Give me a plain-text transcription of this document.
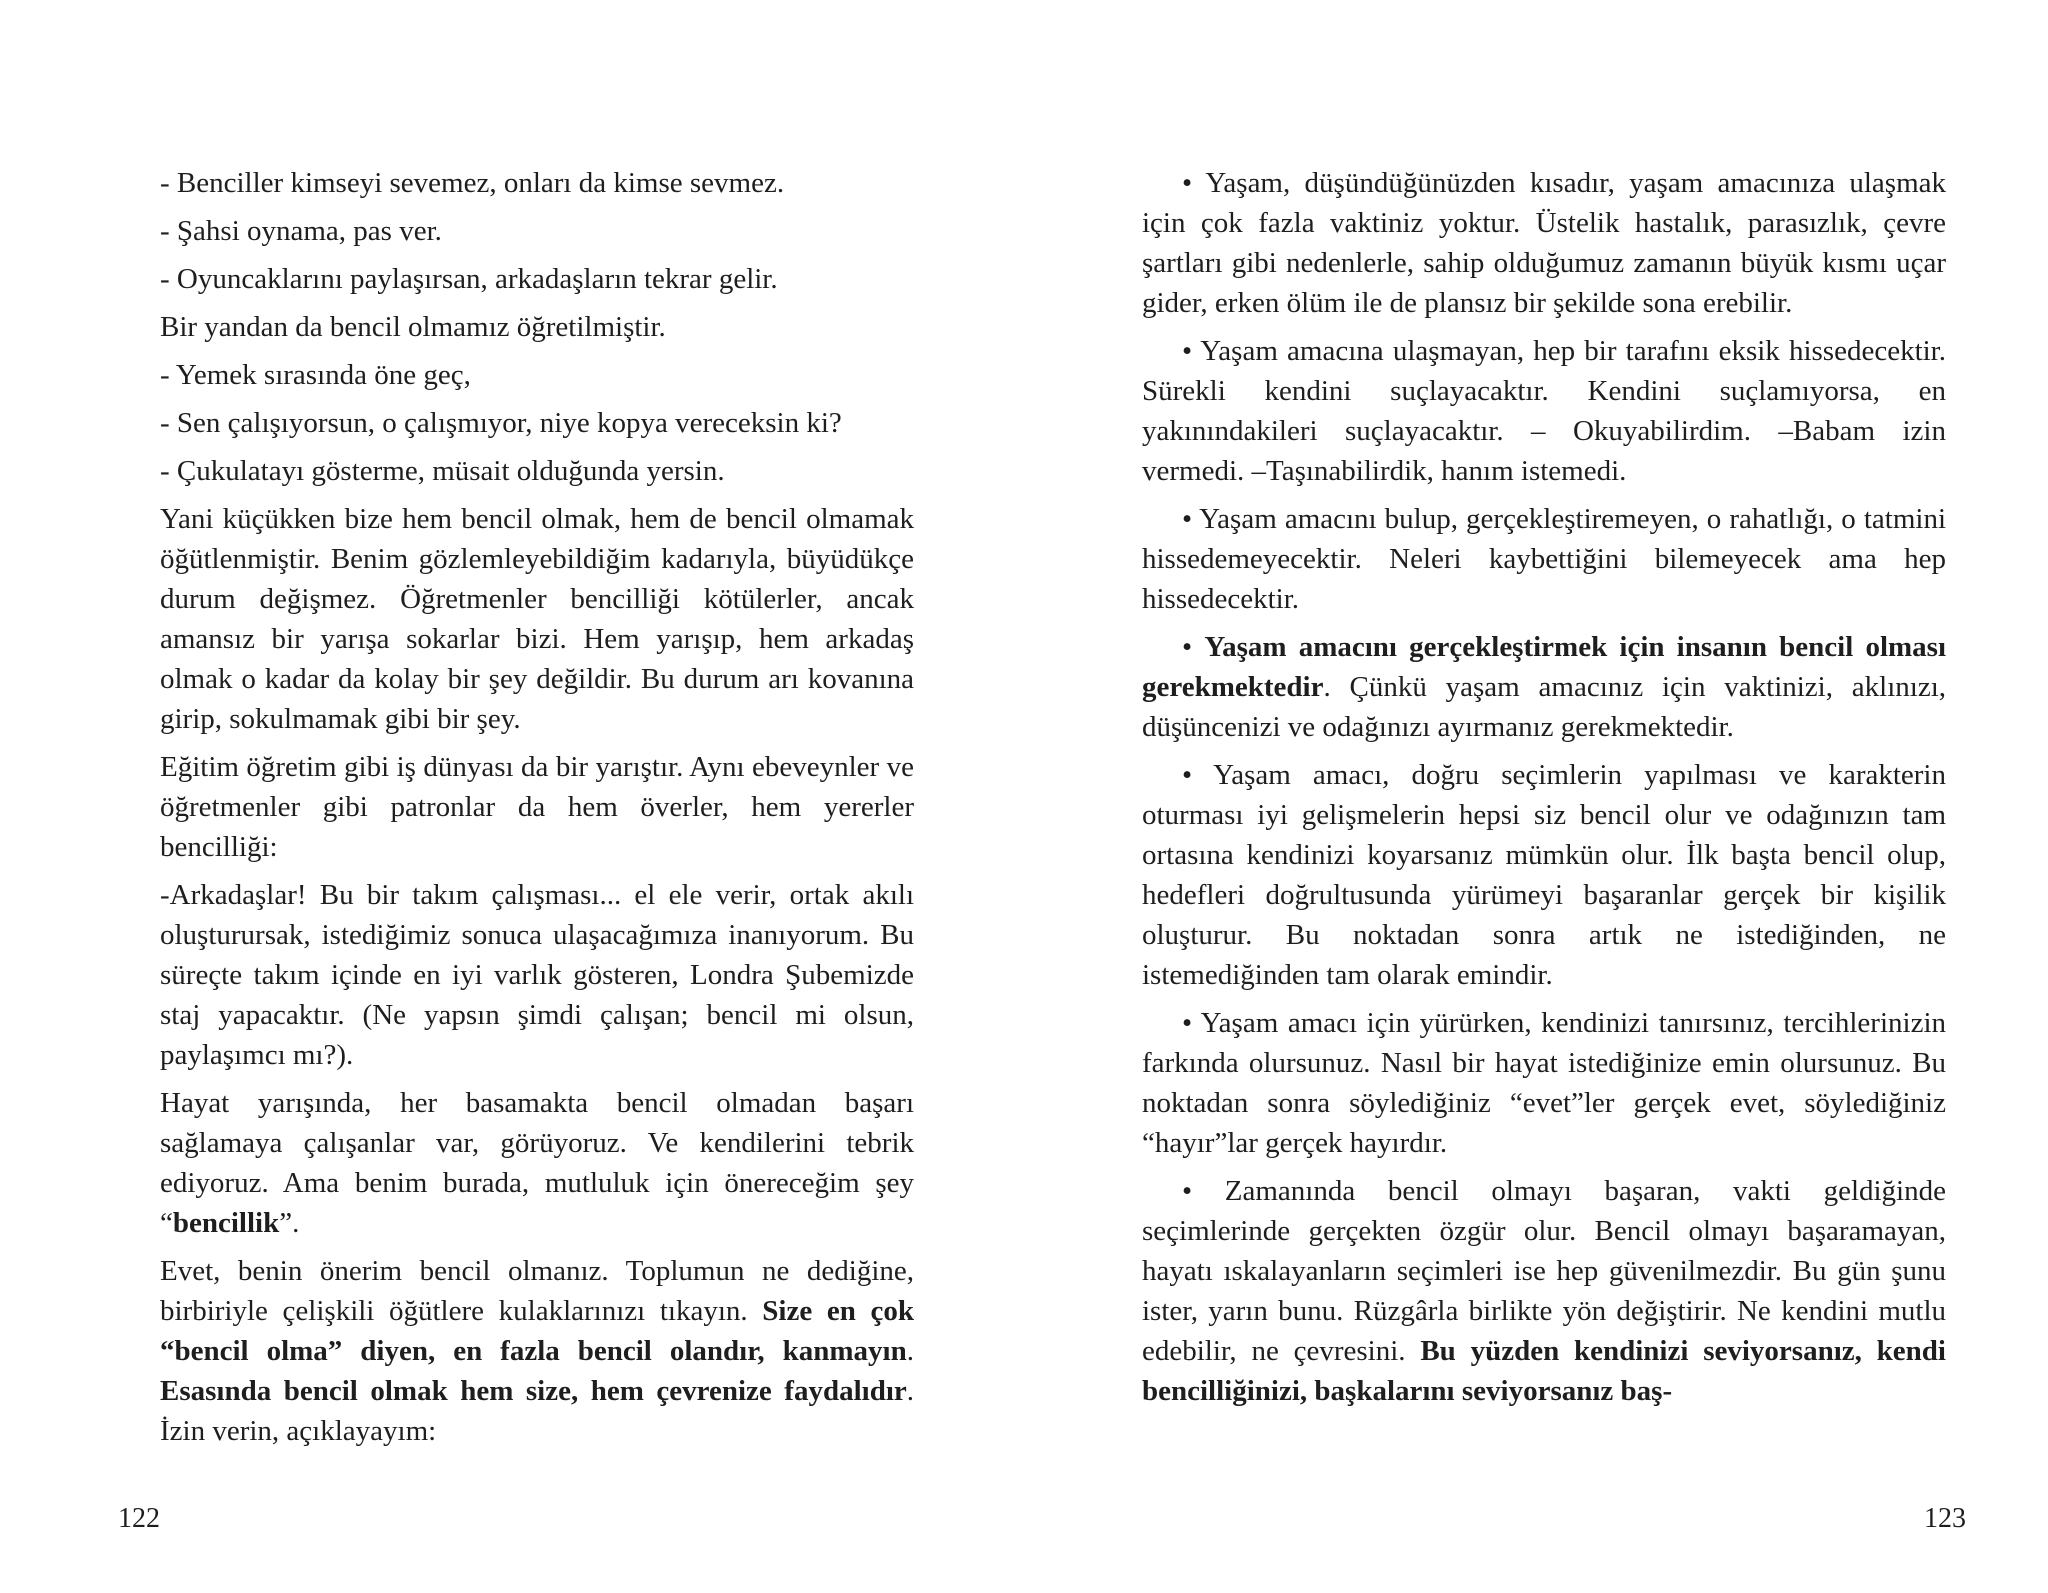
- Benciller kimseyi sevemez, onları da kimse sevmez.
- Şahsi oynama, pas ver.
- Oyuncaklarını paylaşırsan, arkadaşların tekrar gelir.
Bir yandan da bencil olmamız öğretilmiştir.
- Yemek sırasında öne geç,
- Sen çalışıyorsun, o çalışmıyor, niye kopya vereceksin ki?
- Çukulatayı gösterme, müsait olduğunda yersin.

Yani küçükken bize hem bencil olmak, hem de bencil olmamak öğütlenmiştir. Benim gözlemleyebildiğim kadarıyla, büyüdükçe durum değişmez. Öğretmenler bencilliği kötülerler, ancak amansız bir yarışa sokarlar bizi. Hem yarışıp, hem arkadaş olmak o kadar da kolay bir şey değildir. Bu durum arı kovanına girip, sokulmamak gibi bir şey.

Eğitim öğretim gibi iş dünyası da bir yarıştır. Aynı ebeveynler ve öğretmenler gibi patronlar da hem överler, hem yererler bencilliği:

-Arkadaşlar! Bu bir takım çalışması... el ele verir, ortak akılı oluşturursak, istediğimiz sonuca ulaşacağımıza inanıyorum. Bu süreçte takım içinde en iyi varlık gösteren, Londra Şubemizde staj yapacaktır. (Ne yapsın şimdi çalışan; bencil mi olsun, paylaşımcı mı?).

Hayat yarışında, her basamakta bencil olmadan başarı sağlamaya çalışanlar var, görüyoruz. Ve kendilerini tebrik ediyoruz. Ama benim burada, mutluluk için önereceğim şey “bencillik”.

Evet, benin önerim bencil olmanız. Toplumun ne dediğine, birbiriyle çelişkili öğütlere kulaklarınızı tıkayın. Size en çok “bencil olma” diyen, en fazla bencil olandır, kanmayın. Esasında bencil olmak hem size, hem çevrenize faydalıdır. İzin verin, açıklayayım:

122

• Yaşam, düşündüğünüzden kısadır, yaşam amacınıza ulaşmak için çok fazla vaktiniz yoktur. Üstelik hastalık, parasızlık, çevre şartları gibi nedenlerle, sahip olduğumuz zamanın büyük kısmı uçar gider, erken ölüm ile de plansız bir şekilde sona erebilir.

• Yaşam amacına ulaşmayan, hep bir tarafını eksik hissedecektir. Sürekli kendini suçlayacaktır. Kendini suçlamıyorsa, en yakınındakileri suçlayacaktır. – Okuyabilirdim. –Babam izin vermedi. –Taşınabilirdik, hanım istemedi.

• Yaşam amacını bulup, gerçekleştiremeyen, o rahatlığı, o tatmini hissedemeyecektir. Neleri kaybettiğini bilemeyecek ama hep hissedecektir.

• Yaşam amacını gerçekleştirmek için insanın bencil olması gerekmektedir. Çünkü yaşam amacınız için vaktinizi, aklınızı, düşüncenizi ve odağınızı ayırmanız gerekmektedir.

• Yaşam amacı, doğru seçimlerin yapılması ve karakterin oturması iyi gelişmelerin hepsi siz bencil olur ve odağınızın tam ortasına kendinizi koyarsanız mümkün olur. İlk başta bencil olup, hedefleri doğrultusunda yürümeyi başaranlar gerçek bir kişilik oluşturur. Bu noktadan sonra artık ne istediğinden, ne istemediğinden tam olarak emindir.

• Yaşam amacı için yürürken, kendinizi tanırsınız, tercihlerinizin farkında olursunuz. Nasıl bir hayat istediğinize emin olursunuz. Bu noktadan sonra söylediğiniz “evet”ler gerçek evet, söylediğiniz “hayır”lar gerçek hayırdır.

• Zamanında bencil olmayı başaran, vakti geldiğinde seçimlerinde gerçekten özgür olur. Bencil olmayı başaramayan, hayatı ıskalayanların seçimleri ise hep güvenilmezdir. Bu gün şunu ister, yarın bunu. Rüzgârla birlikte yön değiştirir. Ne kendini mutlu edebilir, ne çevresini. Bu yüzden kendinizi seviyorsanız, kendi bencilliğinizi, başkalarını seviyorsanız baş-

123
